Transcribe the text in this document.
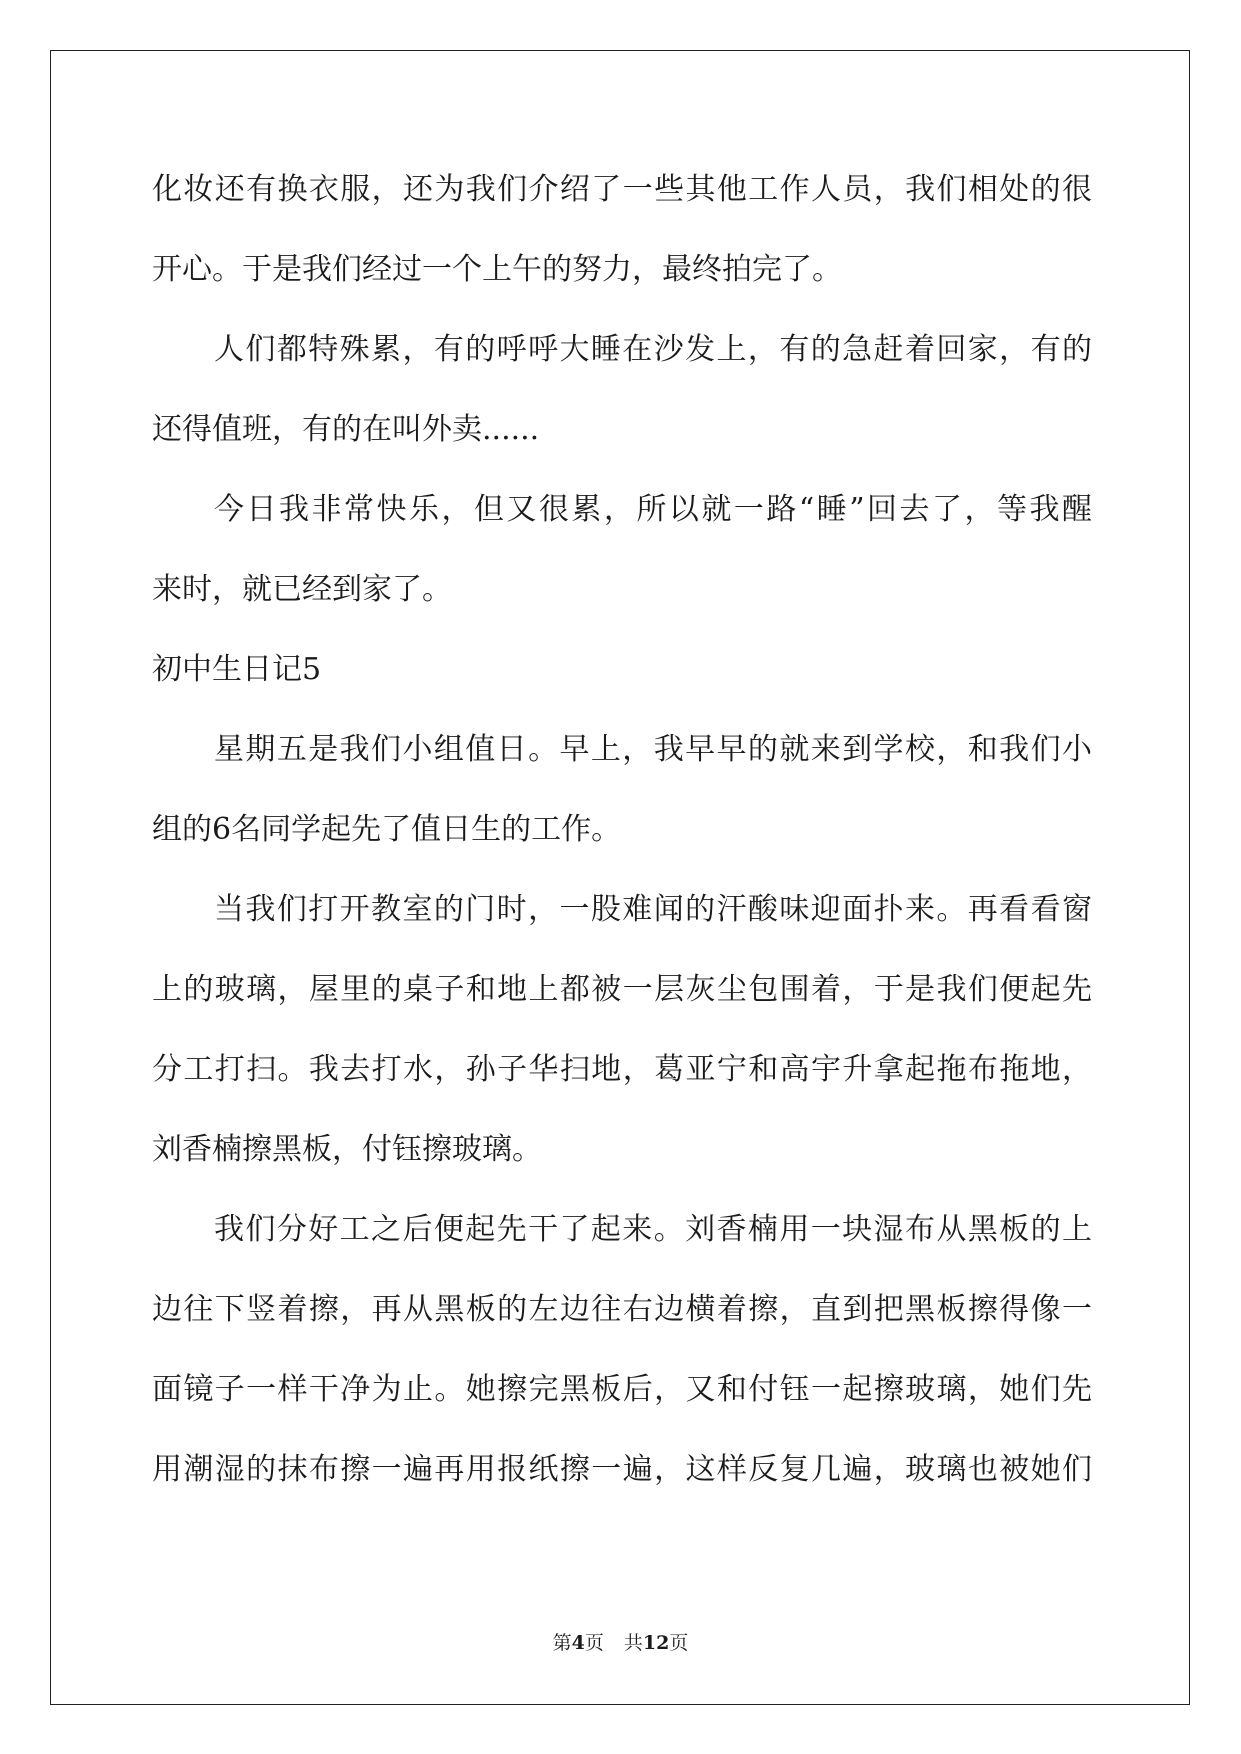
化妆还有换衣服，还为我们介绍了一些其他工作人员，我们相处的很
开心。于是我们经过一个上午的努力，最终拍完了。
人们都特殊累，有的呼呼大睡在沙发上，有的急赶着回家，有的
还得值班，有的在叫外卖......
今日我非常快乐，但又很累，所以就一路“睡”回去了，等我醒
来时，就已经到家了。
初中生日记5
星期五是我们小组值日。早上，我早早的就来到学校，和我们小
组的6名同学起先了值日生的工作。
当我们打开教室的门时，一股难闻的汗酸味迎面扑来。再看看窗
上的玻璃，屋里的桌子和地上都被一层灰尘包围着，于是我们便起先
分工打扫。我去打水，孙子华扫地，葛亚宁和高宇升拿起拖布拖地，
刘香楠擦黑板，付钰擦玻璃。
我们分好工之后便起先干了起来。刘香楠用一块湿布从黑板的上
边往下竖着擦，再从黑板的左边往右边横着擦，直到把黑板擦得像一
面镜子一样干净为止。她擦完黑板后，又和付钰一起擦玻璃，她们先
用潮湿的抹布擦一遍再用报纸擦一遍，这样反复几遍，玻璃也被她们
第4页 共12页
